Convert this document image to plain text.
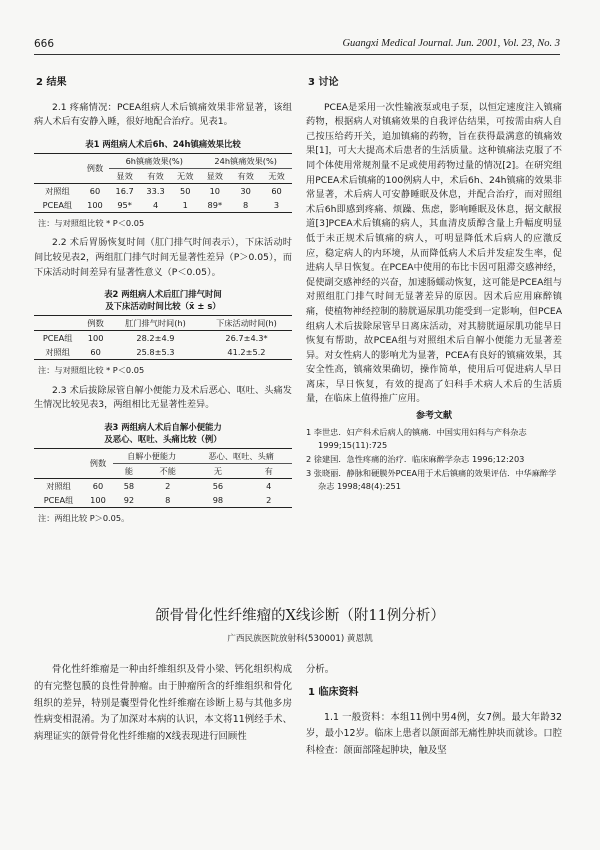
666	Guangxi Medical Journal. Jun. 2001, Vol. 23, No. 3
2 结果

2.1 疼痛情况：PCEA组病人术后镇痛效果非常显著，该组病人术后有安静入睡，很好地配合治疗。见表1。

表1 两组病人术后6h、24h镇痛效果比较
	例数	6h镇痛效果(%)			24h镇痛效果(%)		
		显效	有效	无效	显效	有效	无效
对照组	60	16.7	33.3	50	10	30	60
PCEA组	100	95*	4	1	89*	8	3
注：与对照组比较 * P＜0.05

2.2 术后胃肠恢复时间（肛门排气时间表示），下床活动时间比较见表2，两组肛门排气时间无显著性差异（P＞0.05），而下床活动时间差异有显著性意义（P＜0.05）。

表2 两组病人术后肛门排气时间
及下床活动时间比较（x̄ ± s）
	例数	肛门排气时间(h)	下床活动时间(h)
PCEA组	100	28.2±4.9	26.7±4.3*
对照组	60	25.8±5.3	41.2±5.2
注：与对照组比较 * P＜0.05

2.3 术后拔除尿管自解小便能力及术后恶心、呕吐、头痛发生情况比较见表3，两组相比无显著性差异。

表3 两组病人术后自解小便能力
及恶心、呕吐、头痛比较（例）
	例数	自解小便能力		恶心、呕吐、头痛	
		能	不能	无	有
对照组	60	58	2	56	4
PCEA组	100	92	8	98	2
注：两组比较 P＞0.05。
3 讨论

PCEA是采用一次性输液泵或电子泵，以恒定速度注入镇痛药物，根据病人对镇痛效果的自我评估结果，可按需由病人自己按压给药开关，追加镇痛的药物，旨在获得最满意的镇痛效果[1]，可大大提高术后患者的生活质量。这种镇痛法克服了不同个体使用常规剂量不足或使用药物过量的情况[2]。在研究组用PCEA术后镇痛的100例病人中，术后6h、24h镇痛的效果非常显著，术后病人可安静睡眠及休息，并配合治疗，而对照组术后6h即感到疼痛、烦躁、焦虑，影响睡眠及休息，据文献报道[3]PCEA术后镇痛的病人，其血清皮质醇含量上升幅度明显低于未正规术后镇痛的病人，可明显降低术后病人的应激反应，稳定病人的内环境，从而降低病人术后并发症发生率，促进病人早日恢复。在PCEA中使用的布比卡因可阻滞交感神经，促使副交感神经的兴奋，加速肠蠕动恢复，这可能是PCEA组与对照组肛门排气时间无显著差异的原因。因术后应用麻醉镇痛，使植物神经控制的膀胱逼尿肌功能受到一定影响，但PCEA组病人术后拔除尿管早日离床活动，对其膀胱逼尿肌功能早日恢复有帮助，故PCEA组与对照组术后自解小便能力无显著差异。对女性病人的影响尤为显著，PCEA有良好的镇痛效果，其安全性高，镇痛效果确切，操作简单，使用后可促进病人早日离床，早日恢复，有效的提高了妇科手术病人术后的生活质量，在临床上值得推广应用。

参考文献
1 李世忠．妇产科术后病人的镇痛．中国实用妇科与产科杂志 1999;15(11):725
2 徐建国．急性疼痛的治疗．临床麻醉学杂志 1996;12:203
3 张晓丽．静脉和硬膜外PCEA用于术后镇痛的效果评估．中华麻醉学杂志 1998;48(4):251
颌骨骨化性纤维瘤的X线诊断（附11例分析）
广西民族医院放射科(530001) 黄恩凯

骨化性纤维瘤是一种由纤维组织及骨小梁、钙化组织构成的有完整包膜的良性骨肿瘤。由于肿瘤所含的纤维组织和骨化组织的差异，特别是囊型骨化性纤维瘤在诊断上易与其他多房性病变相混淆。为了加深对本病的认识，本文将11例经手术、病理证实的颌骨骨化性纤维瘤的X线表现进行回顾性

分析。
1 临床资料

1.1 一般资料：本组11例中男4例，女7例。最大年龄32岁，最小12岁。临床上患者以颌面部无痛性肿块而就诊。口腔科检查：颌面部隆起肿块，触及坚
